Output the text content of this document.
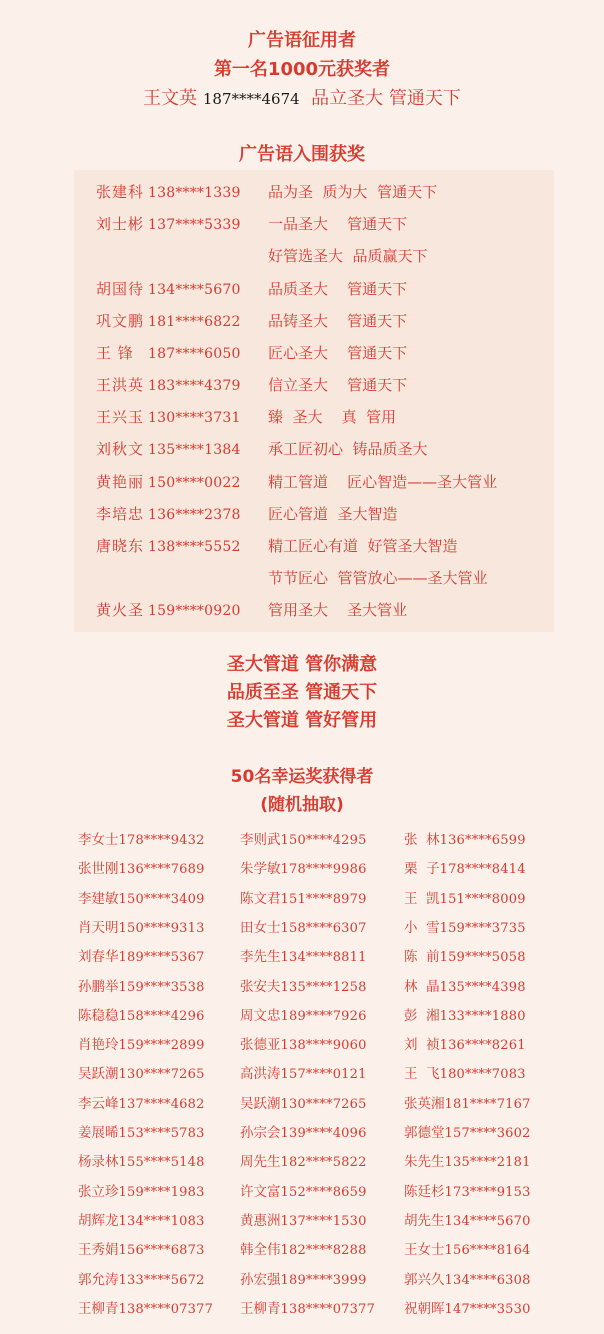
广告语征用者
第一名1000元获奖者
王文英 187****4674 品立圣大 管通天下
广告语入围获奖
张建科 138****1339 品为圣  质为大  管通天下
刘士彬 137****5339 一品圣大    管通天下
好管选圣大  品质赢天下
胡国待 134****5670 品质圣大    管通天下
巩文鹏 181****6822 品铸圣大    管通天下
王 锋 187****6050 匠心圣大    管通天下
王洪英 183****4379 信立圣大    管通天下
王兴玉 130****3731 臻  圣大    真  管用
刘秋文 135****1384 承工匠初心  铸品质圣大
黄艳丽 150****0022 精工管道    匠心智造——圣大管业
李培忠 136****2378 匠心管道  圣大智造
唐晓东 138****5552 精工匠心有道  好管圣大智造
节节匠心  管管放心——圣大管业
黄火圣 159****0920 管用圣大    圣大管业
圣大管道 管你满意
品质至圣 管通天下
圣大管道 管好管用
50名幸运奖获得者
(随机抽取)
李女士178****9432	李则武150****4295	张  林136****6599
张世刚136****7689	朱学敏178****9986	栗  子178****8414
李建敏150****3409	陈文君151****8979	王  凯151****8009
肖天明150****9313	田女士158****6307	小  雪159****3735
刘春华189****5367	李先生134****8811	陈  前159****5058
孙鹏举159****3538	张安夫135****1258	林  晶135****4398
陈稳稳158****4296	周文忠189****7926	彭  湘133****1880
肖艳玲159****2899	张德亚138****9060	刘  祯136****8261
吴跃潮130****7265	高洪涛157****0121	王  飞180****7083
李云峰137****4682	吴跃潮130****7265	张英湘181****7167
姜展晞153****5783	孙宗会139****4096	郭德堂157****3602
杨录林155****5148	周先生182****5822	朱先生135****2181
张立珍159****1983	许文富152****8659	陈廷杉173****9153
胡辉龙134****1083	黄惠洲137****1530	胡先生134****5670
王秀娟156****6873	韩全伟182****8288	王女士156****8164
郭允涛133****5672	孙宏强189****3999	郭兴久134****6308
王柳青138****07377 王柳青138****07377 祝朝晖147****3530
